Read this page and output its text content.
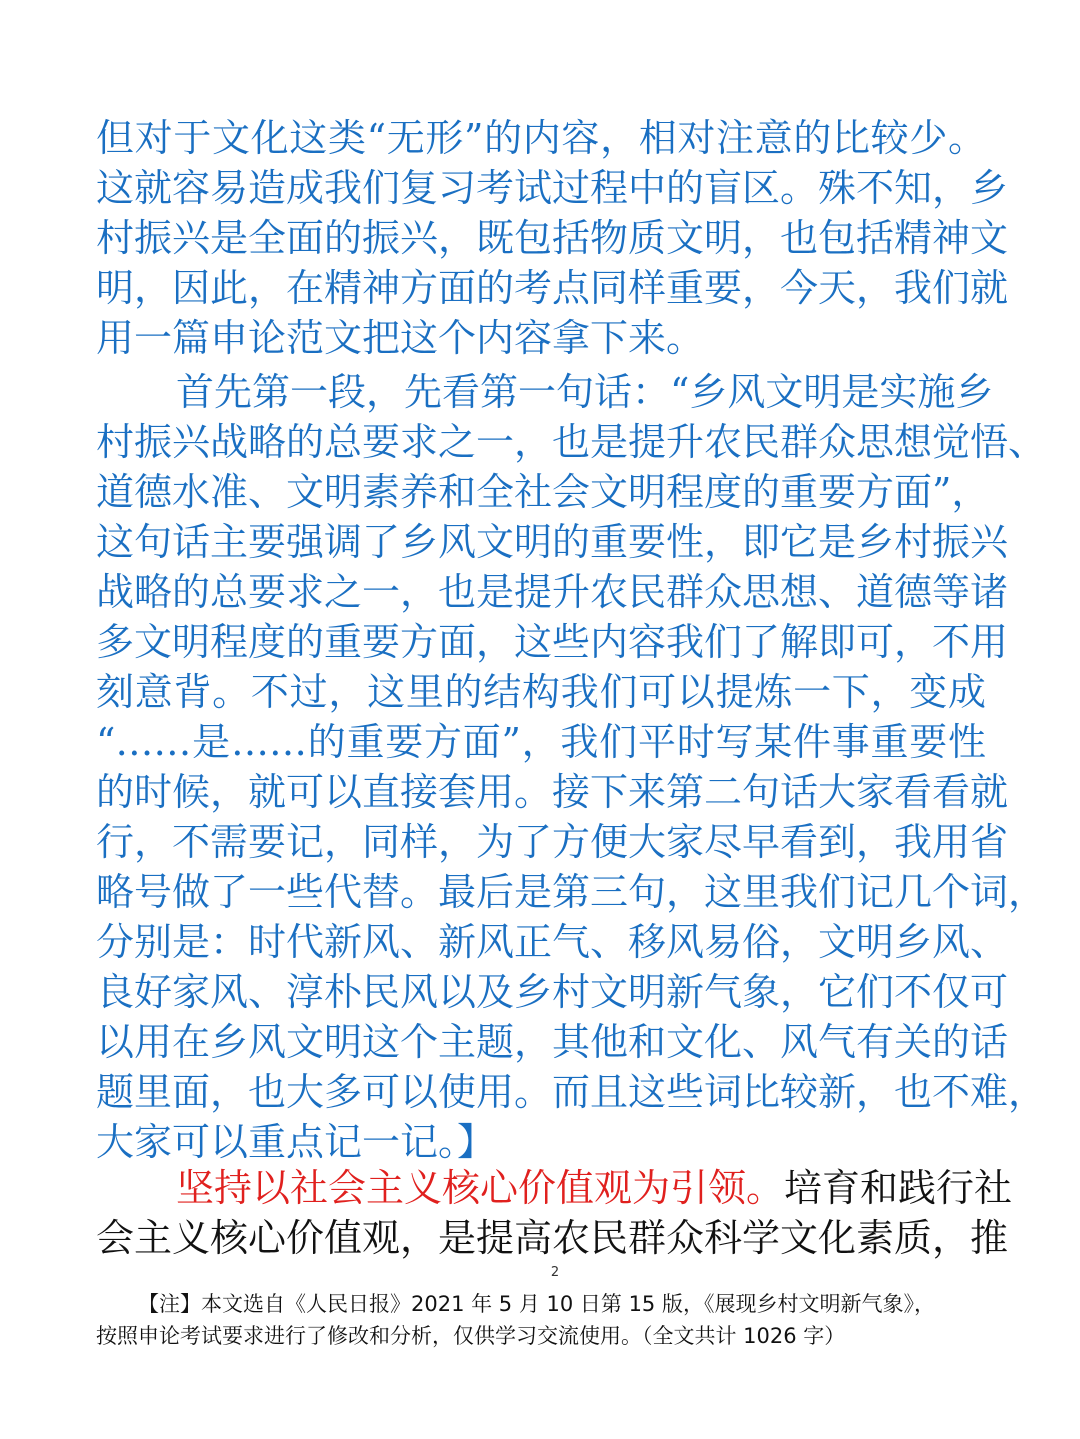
但对于文化这类“无形”的内容，相对注意的比较少。
这就容易造成我们复习考试过程中的盲区。殊不知，乡
村振兴是全面的振兴，既包括物质文明，也包括精神文
明，因此，在精神方面的考点同样重要，今天，我们就
用一篇申论范文把这个内容拿下来。
首先第一段，先看第一句话：“乡风文明是实施乡
村振兴战略的总要求之一，也是提升农民群众思想觉悟、
道德水准、文明素养和全社会文明程度的重要方面”，
这句话主要强调了乡风文明的重要性，即它是乡村振兴
战略的总要求之一，也是提升农民群众思想、道德等诸
多文明程度的重要方面，这些内容我们了解即可，不用
刻意背。不过，这里的结构我们可以提炼一下，变成
“……是……的重要方面”，我们平时写某件事重要性
的时候，就可以直接套用。接下来第二句话大家看看就
行，不需要记，同样，为了方便大家尽早看到，我用省
略号做了一些代替。最后是第三句，这里我们记几个词，
分别是：时代新风、新风正气、移风易俗，文明乡风、
良好家风、淳朴民风以及乡村文明新气象，它们不仅可
以用在乡风文明这个主题，其他和文化、风气有关的话
题里面，也大多可以使用。而且这些词比较新，也不难，
大家可以重点记一记。】
坚持以社会主义核心价值观为引领。培育和践行社
会主义核心价值观，是提高农民群众科学文化素质，推
2
【注】本文选自《人民日报》2021 年 5 月 10 日第 15 版，《展现乡村文明新气象》，
按照申论考试要求进行了修改和分析，仅供学习交流使用。（全文共计 1026 字）
